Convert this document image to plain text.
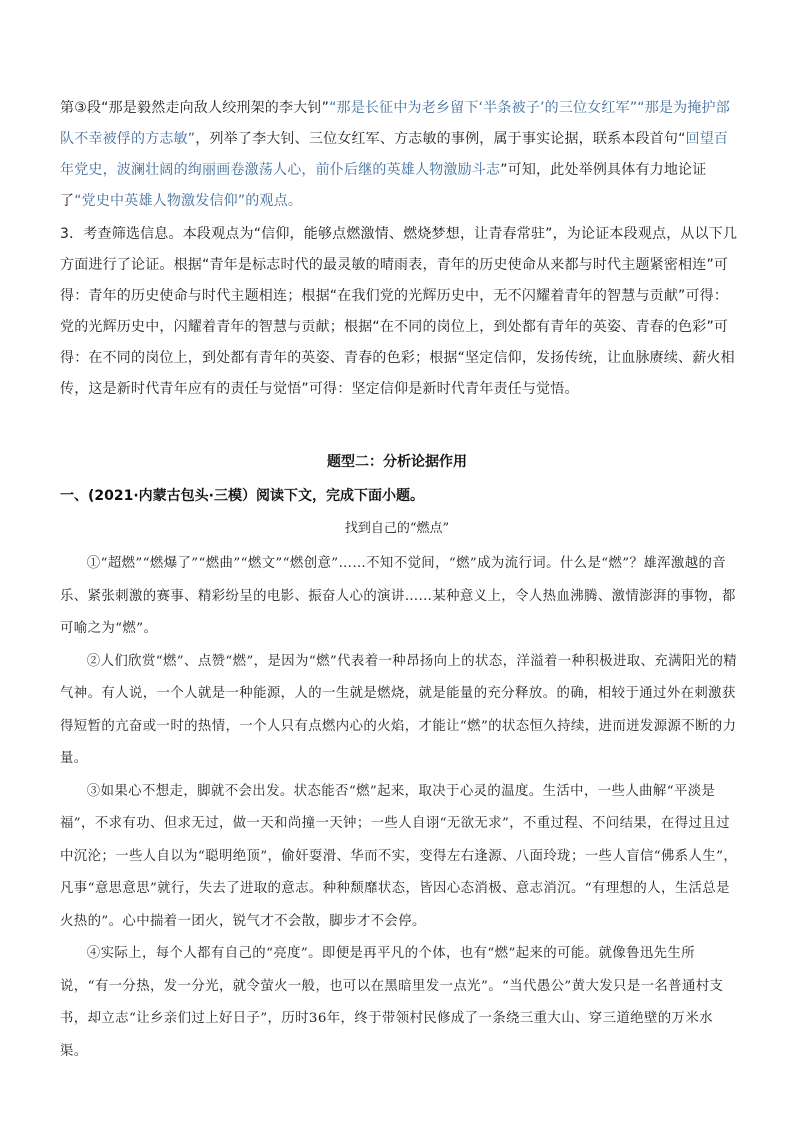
第③段“那是毅然走向敌人绞刑架的李大钊”“那是长征中为老乡留下‘半条被子’的三位女红军”“那是为掩护部队不幸被俘的方志敏”，列举了李大钊、三位女红军、方志敏的事例，属于事实论据，联系本段首句“回望百年党史，波澜壮阔的绚丽画卷激荡人心，前仆后继的英雄人物激励斗志”可知，此处举例具体有力地论证了“党史中英雄人物激发信仰”的观点。

3．考查筛选信息。本段观点为“信仰，能够点燃激情、燃烧梦想，让青春常驻”，为论证本段观点，从以下几方面进行了论证。根据“青年是标志时代的最灵敏的晴雨表，青年的历史使命从来都与时代主题紧密相连”可得：青年的历史使命与时代主题相连；根据“在我们党的光辉历史中，无不闪耀着青年的智慧与贡献”可得：党的光辉历史中，闪耀着青年的智慧与贡献；根据“在不同的岗位上，到处都有青年的英姿、青春的色彩”可得：在不同的岗位上，到处都有青年的英姿、青春的色彩；根据“坚定信仰，发扬传统，让血脉赓续、薪火相传，这是新时代青年应有的责任与觉悟”可得：坚定信仰是新时代青年责任与觉悟。

题型二：分析论据作用
一、(2021·内蒙古包头·三模）阅读下文，完成下面小题。
找到自己的“燃点”

①“超燃”“燃爆了”“燃曲”“燃文”“燃创意”……不知不觉间，“燃”成为流行词。什么是“燃”？雄浑激越的音乐、紧张刺激的赛事、精彩纷呈的电影、振奋人心的演讲……某种意义上，令人热血沸腾、激情澎湃的事物，都可喻之为“燃”。

②人们欣赏“燃”、点赞“燃”，是因为“燃”代表着一种昂扬向上的状态，洋溢着一种积极进取、充满阳光的精气神。有人说，一个人就是一种能源，人的一生就是燃烧，就是能量的充分释放。的确，相较于通过外在刺激获得短暂的亢奋或一时的热情，一个人只有点燃内心的火焰，才能让“燃”的状态恒久持续，进而迸发源源不断的力量。

③如果心不想走，脚就不会出发。状态能否“燃”起来，取决于心灵的温度。生活中，一些人曲解“平淡是福”，不求有功、但求无过，做一天和尚撞一天钟；一些人自诩“无欲无求”，不重过程、不问结果，在得过且过中沉沦；一些人自以为“聪明绝顶”，偷奸耍滑、华而不实，变得左右逢源、八面玲珑；一些人盲信“佛系人生”，凡事“意思意思”就行，失去了进取的意志。种种颓靡状态，皆因心态消极、意志消沉。“有理想的人，生活总是火热的”。心中揣着一团火，锐气才不会散，脚步才不会停。

④实际上，每个人都有自己的“亮度”。即便是再平凡的个体，也有“燃”起来的可能。就像鲁迅先生所说，“有一分热，发一分光，就令萤火一般，也可以在黑暗里发一点光”。“当代愚公”黄大发只是一名普通村支书，却立志“让乡亲们过上好日子”，历时36年，终于带领村民修成了一条绕三重大山、穿三道绝壁的万米水渠。
